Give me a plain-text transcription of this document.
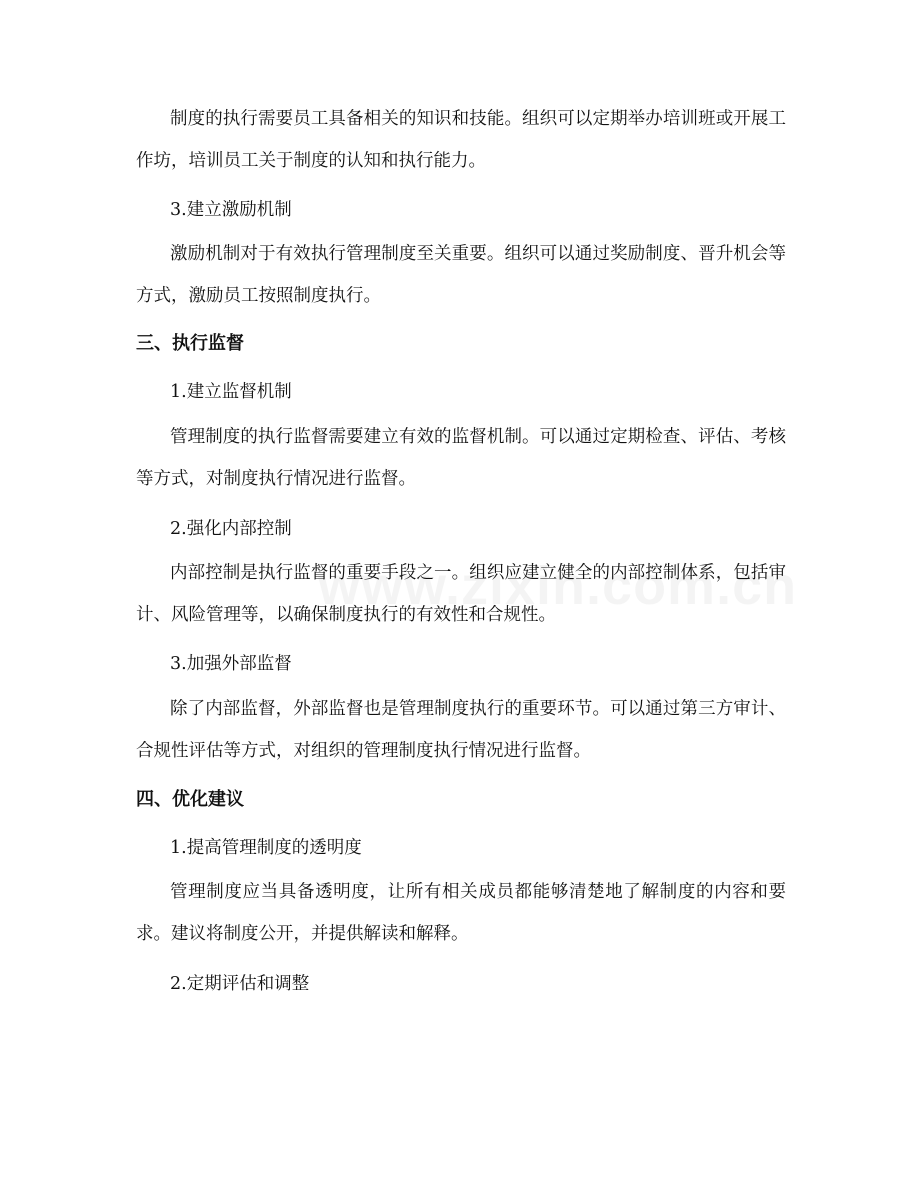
制度的执行需要员工具备相关的知识和技能。组织可以定期举办培训班或开展工作坊，培训员工关于制度的认知和执行能力。
3.建立激励机制
激励机制对于有效执行管理制度至关重要。组织可以通过奖励制度、晋升机会等方式，激励员工按照制度执行。
三、执行监督
1.建立监督机制
管理制度的执行监督需要建立有效的监督机制。可以通过定期检查、评估、考核等方式，对制度执行情况进行监督。
2.强化内部控制
内部控制是执行监督的重要手段之一。组织应建立健全的内部控制体系，包括审计、风险管理等，以确保制度执行的有效性和合规性。
3.加强外部监督
除了内部监督，外部监督也是管理制度执行的重要环节。可以通过第三方审计、合规性评估等方式，对组织的管理制度执行情况进行监督。
四、优化建议
1.提高管理制度的透明度
管理制度应当具备透明度，让所有相关成员都能够清楚地了解制度的内容和要求。建议将制度公开，并提供解读和解释。
2.定期评估和调整
